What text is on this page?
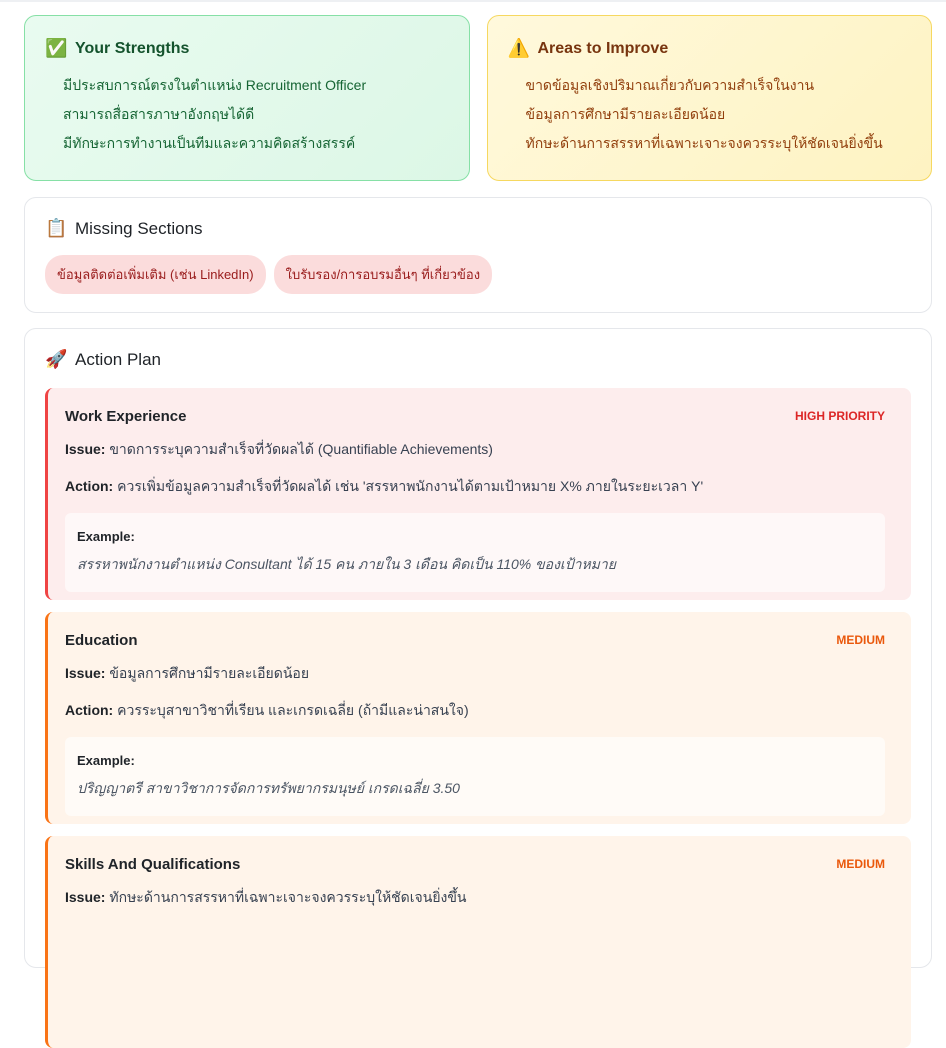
✅ Your Strengths
มีประสบการณ์ตรงในตำแหน่ง Recruitment Officer
สามารถสื่อสารภาษาอังกฤษได้ดี
มีทักษะการทำงานเป็นทีมและความคิดสร้างสรรค์
⚠️ Areas to Improve
ขาดข้อมูลเชิงปริมาณเกี่ยวกับความสำเร็จในงาน
ข้อมูลการศึกษามีรายละเอียดน้อย
ทักษะด้านการสรรหาที่เฉพาะเจาะจงควรระบุให้ชัดเจนยิ่งขึ้น
📋 Missing Sections
ข้อมูลติดต่อเพิ่มเติม (เช่น LinkedIn)	ใบรับรอง/การอบรมอื่นๆ ที่เกี่ยวข้อง
🚀 Action Plan
Work Experience	HIGH PRIORITY
Issue: ขาดการระบุความสำเร็จที่วัดผลได้ (Quantifiable Achievements)
Action: ควรเพิ่มข้อมูลความสำเร็จที่วัดผลได้ เช่น 'สรรหาพนักงานได้ตามเป้าหมาย X% ภายในระยะเวลา Y'
Example:
สรรหาพนักงานตำแหน่ง Consultant ได้ 15 คน ภายใน 3 เดือน คิดเป็น 110% ของเป้าหมาย
Education	MEDIUM
Issue: ข้อมูลการศึกษามีรายละเอียดน้อย
Action: ควรระบุสาขาวิชาที่เรียน และเกรดเฉลี่ย (ถ้ามีและน่าสนใจ)
Example:
ปริญญาตรี สาขาวิชาการจัดการทรัพยากรมนุษย์ เกรดเฉลี่ย 3.50
Skills And Qualifications	MEDIUM
Issue: ทักษะด้านการสรรหาที่เฉพาะเจาะจงควรระบุให้ชัดเจนยิ่งขึ้น
